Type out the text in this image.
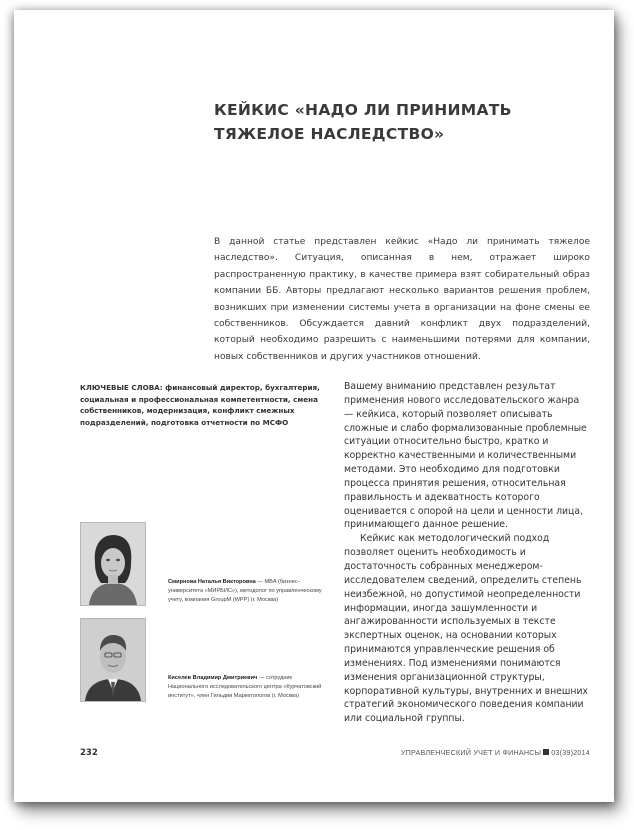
КЕЙКИС «НАДО ЛИ ПРИНИМАТЬ
ТЯЖЕЛОЕ НАСЛЕДСТВО»

В данной статье представлен кейкис «Надо ли принимать тяжелое наследство». Ситуация, описанная в нем, отражает широко распространенную практику, в качестве примера взят собирательный образ компании ББ. Авторы предлагают несколько вариантов решения проблем, возникших при изменении системы учета в организации на фоне смены ее собственников. Обсуждается давний конфликт двух подразделений, который необходимо разрешить с наименьшими потерями для компании, новых собственников и других участников отношений.

КЛЮЧЕВЫЕ СЛОВА: финансовый директор, бухгалтерия, социальная и профессиональная компетентности, смена собственников, модернизация, конфликт смежных подразделений, подготовка отчетности по МСФО

Вашему вниманию представлен результат применения нового исследовательского жанра — кейкиса, который позволяет описывать сложные и слабо формализованные проблемные ситуации относительно быстро, кратко и корректно качественными и количественными методами. Это необходимо для подготовки процесса принятия решения, относительная правильность и адекватность которого оценивается с опорой на цели и ценности лица, принимающего данное решение.

Кейкис как методологический подход позволяет оценить необходимость и достаточность собранных менеджером-исследователем сведений, определить степень неизбежной, но допустимой неопределенности информации, иногда зашумленности и ангажированности используемых в тексте экспертных оценок, на основании которых принимаются управленческие решения об изменениях. Под изменениями понимаются изменения организационной структуры, корпоративной культуры, внутренних и внешних стратегий экономического поведения компании или социальной группы.

Смирнова Наталья Викторовна — MBA (бизнес-университета «МИРБИС»), методолог по управленческому учету, компания GroupM (WPP) (г. Москва)

Киселев Владимир Дмитриевич — сотрудник Национального исследовательского центра «Курчатовский институт», член Гильдии Маркетологов (г. Москва)

232	УПРАВЛЕНЧЕСКИЙ УЧЕТ И ФИНАНСЫ 03(39)2014
